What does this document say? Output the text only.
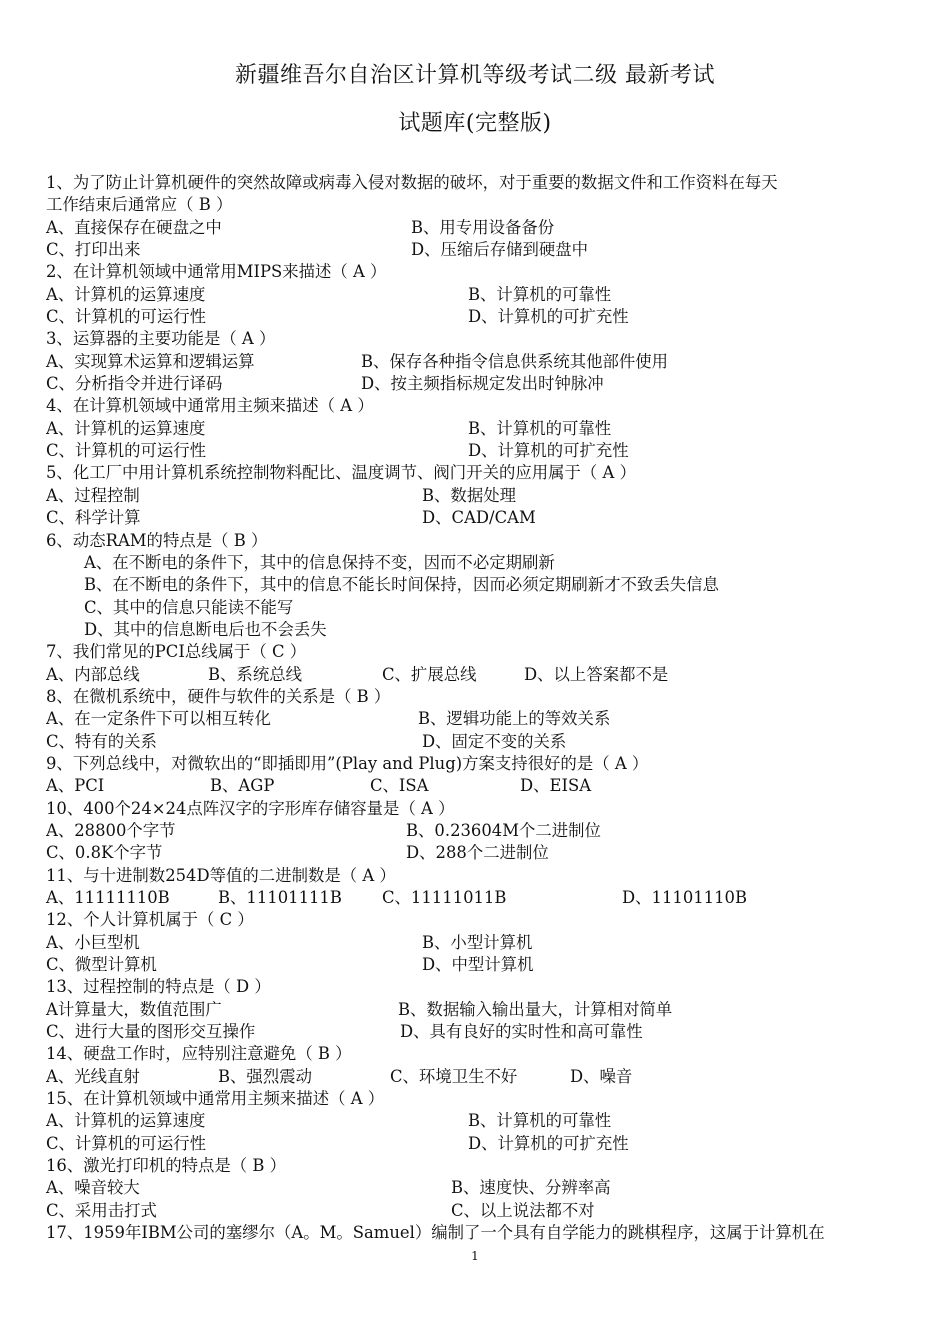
新疆维吾尔自治区计算机等级考试二级 最新考试
试题库(完整版)
1、为了防止计算机硬件的突然故障或病毒入侵对数据的破坏，对于重要的数据文件和工作资料在每天
工作结束后通常应（ B ）
A、直接保存在硬盘之中	B、用专用设备备份
C、打印出来	D、压缩后存储到硬盘中
2、在计算机领域中通常用MIPS来描述（ A ）
A、计算机的运算速度	B、计算机的可靠性
C、计算机的可运行性	D、计算机的可扩充性
3、运算器的主要功能是（ A ）
A、实现算术运算和逻辑运算	B、保存各种指令信息供系统其他部件使用
C、分析指令并进行译码	D、按主频指标规定发出时钟脉冲
4、在计算机领域中通常用主频来描述（ A ）
A、计算机的运算速度	B、计算机的可靠性
C、计算机的可运行性	D、计算机的可扩充性
5、化工厂中用计算机系统控制物料配比、温度调节、阀门开关的应用属于（ A ）
A、过程控制	B、数据处理
C、科学计算	D、CAD/CAM
6、动态RAM的特点是（ B ）
A、在不断电的条件下，其中的信息保持不变，因而不必定期刷新
B、在不断电的条件下，其中的信息不能长时间保持，因而必须定期刷新才不致丢失信息
C、其中的信息只能读不能写
D、其中的信息断电后也不会丢失
7、我们常见的PCI总线属于（ C ）
A、内部总线	B、系统总线	C、扩展总线	D、以上答案都不是
8、在微机系统中，硬件与软件的关系是（ B ）
A、在一定条件下可以相互转化	B、逻辑功能上的等效关系
C、特有的关系	D、固定不变的关系
9、下列总线中，对微软出的“即插即用”(Play and Plug)方案支持很好的是（ A ）
A、PCI	B、AGP	C、ISA	D、EISA
10、400个24×24点阵汉字的字形库存储容量是（ A ）
A、28800个字节	B、0.23604M个二进制位
C、0.8K个字节	D、288个二进制位
11、与十进制数254D等值的二进制数是（ A ）
A、11111110B	B、11101111B C、11111011B	D、11101110B
12、个人计算机属于（ C ）
A、小巨型机	B、小型计算机
C、微型计算机	D、中型计算机
13、过程控制的特点是（ D ）
A计算量大，数值范围广	B、数据输入输出量大，计算相对简单
C、进行大量的图形交互操作	D、具有良好的实时性和高可靠性
14、硬盘工作时，应特别注意避免（ B ）
A、光线直射	B、强烈震动	C、环境卫生不好	D、噪音
15、在计算机领域中通常用主频来描述（ A ）
A、计算机的运算速度	B、计算机的可靠性
C、计算机的可运行性	D、计算机的可扩充性
16、激光打印机的特点是（ B ）
A、噪音较大	B、速度快、分辨率高
C、采用击打式	C、以上说法都不对
17、1959年IBM公司的塞缪尔（A。M。Samuel）编制了一个具有自学能力的跳棋程序，这属于计算机在
1
